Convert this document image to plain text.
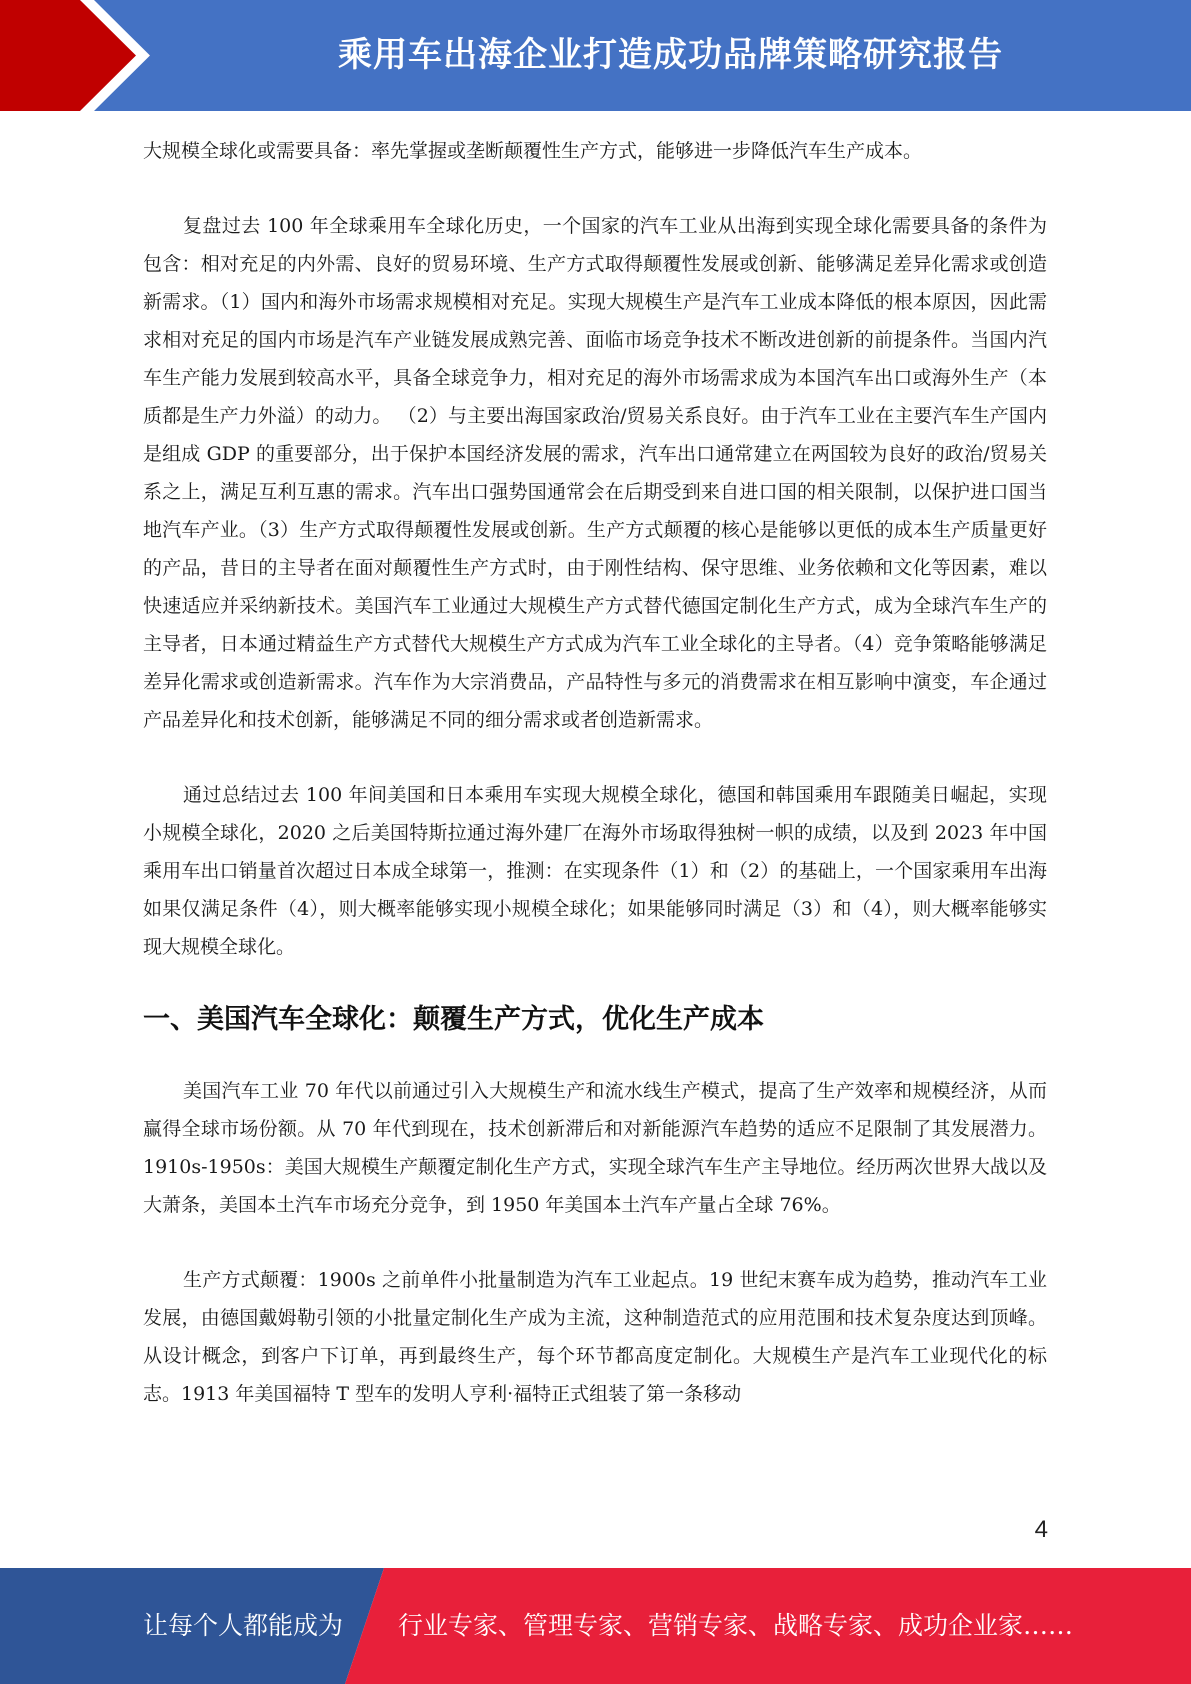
乘用车出海企业打造成功品牌策略研究报告

大规模全球化或需要具备：率先掌握或垄断颠覆性生产方式，能够进一步降低汽车生产成本。

复盘过去 100 年全球乘用车全球化历史，一个国家的汽车工业从出海到实现全球化需要具备的条件为包含：相对充足的内外需、良好的贸易环境、生产方式取得颠覆性发展或创新、能够满足差异化需求或创造新需求。（1）国内和海外市场需求规模相对充足。实现大规模生产是汽车工业成本降低的根本原因，因此需求相对充足的国内市场是汽车产业链发展成熟完善、面临市场竞争技术不断改进创新的前提条件。当国内汽车生产能力发展到较高水平，具备全球竞争力，相对充足的海外市场需求成为本国汽车出口或海外生产（本质都是生产力外溢）的动力。 （2）与主要出海国家政治/贸易关系良好。由于汽车工业在主要汽车生产国内是组成 GDP 的重要部分，出于保护本国经济发展的需求，汽车出口通常建立在两国较为良好的政治/贸易关系之上，满足互利互惠的需求。汽车出口强势国通常会在后期受到来自进口国的相关限制，以保护进口国当地汽车产业。（3）生产方式取得颠覆性发展或创新。生产方式颠覆的核心是能够以更低的成本生产质量更好的产品，昔日的主导者在面对颠覆性生产方式时，由于刚性结构、保守思维、业务依赖和文化等因素，难以快速适应并采纳新技术。美国汽车工业通过大规模生产方式替代德国定制化生产方式，成为全球汽车生产的主导者，日本通过精益生产方式替代大规模生产方式成为汽车工业全球化的主导者。（4）竞争策略能够满足差异化需求或创造新需求。汽车作为大宗消费品，产品特性与多元的消费需求在相互影响中演变，车企通过产品差异化和技术创新，能够满足不同的细分需求或者创造新需求。

通过总结过去 100 年间美国和日本乘用车实现大规模全球化，德国和韩国乘用车跟随美日崛起，实现小规模全球化，2020 之后美国特斯拉通过海外建厂在海外市场取得独树一帜的成绩，以及到 2023 年中国乘用车出口销量首次超过日本成全球第一，推测：在实现条件（1）和（2）的基础上，一个国家乘用车出海如果仅满足条件（4），则大概率能够实现小规模全球化；如果能够同时满足（3）和（4），则大概率能够实现大规模全球化。

一、美国汽车全球化：颠覆生产方式，优化生产成本

美国汽车工业 70 年代以前通过引入大规模生产和流水线生产模式，提高了生产效率和规模经济，从而赢得全球市场份额。从 70 年代到现在，技术创新滞后和对新能源汽车趋势的适应不足限制了其发展潜力。1910s-1950s：美国大规模生产颠覆定制化生产方式，实现全球汽车生产主导地位。经历两次世界大战以及大萧条，美国本土汽车市场充分竞争，到 1950 年美国本土汽车产量占全球 76%。

生产方式颠覆：1900s 之前单件小批量制造为汽车工业起点。19 世纪末赛车成为趋势，推动汽车工业发展，由德国戴姆勒引领的小批量定制化生产成为主流，这种制造范式的应用范围和技术复杂度达到顶峰。从设计概念，到客户下订单，再到最终生产，每个环节都高度定制化。大规模生产是汽车工业现代化的标志。1913 年美国福特 T 型车的发明人亨利·福特正式组装了第一条移动

4
让每个人都能成为 行业专家、管理专家、营销专家、战略专家、成功企业家……
